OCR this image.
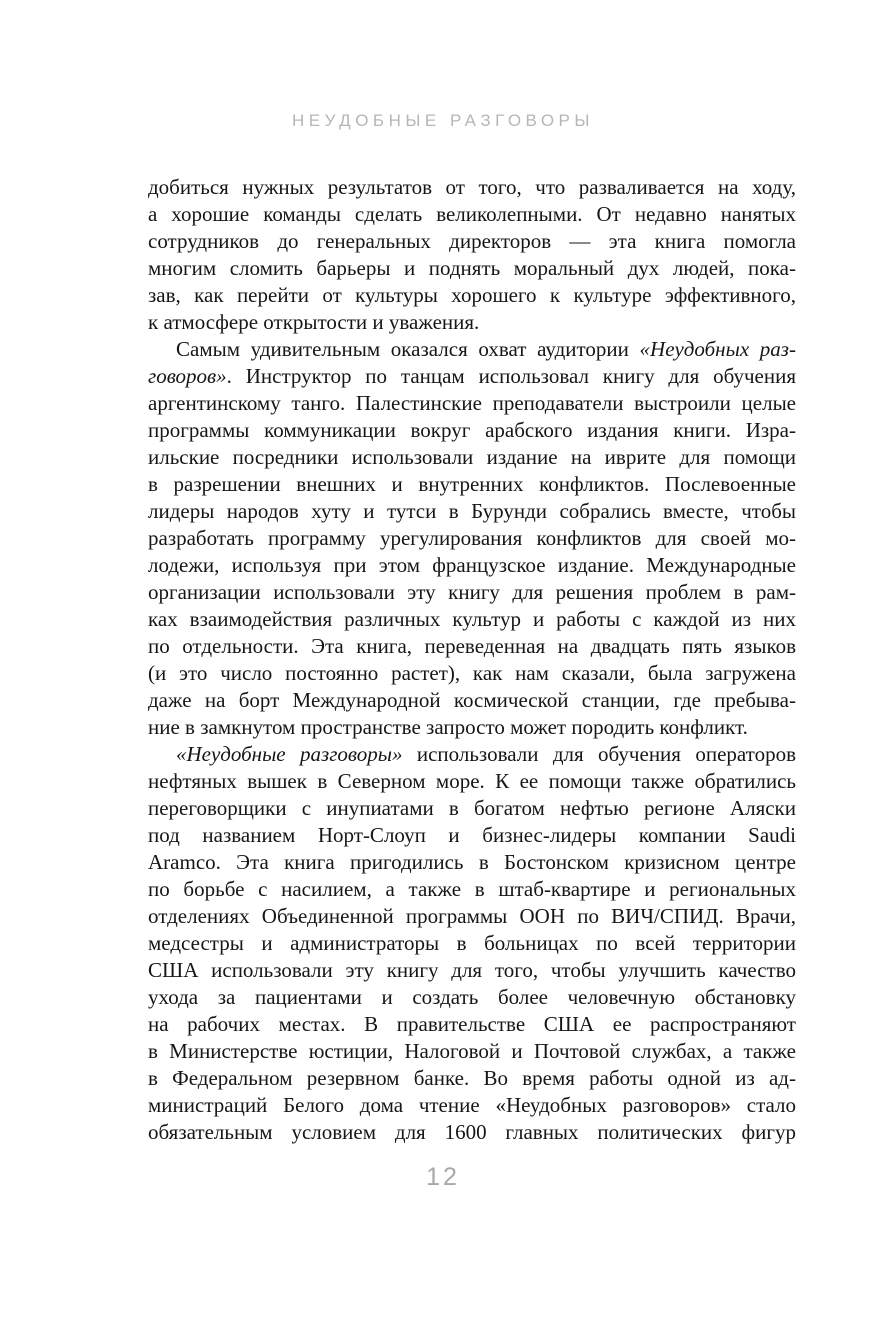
НЕУДОБНЫЕ РАЗГОВОРЫ
добиться нужных результатов от того, что разваливается на ходу,
а хорошие команды сделать великолепными. От недавно нанятых
сотрудников до генеральных директоров — эта книга помогла
многим сломить барьеры и поднять моральный дух людей, пока-
зав, как перейти от культуры хорошего к культуре эффективного,
к атмосфере открытости и уважения.
Самым удивительным оказался охват аудитории «Неудобных раз-
говоров». Инструктор по танцам использовал книгу для обучения
аргентинскому танго. Палестинские преподаватели выстроили целые
программы коммуникации вокруг арабского издания книги. Изра-
ильские посредники использовали издание на иврите для помощи
в разрешении внешних и внутренних конфликтов. Послевоенные
лидеры народов хуту и тутси в Бурунди собрались вместе, чтобы
разработать программу урегулирования конфликтов для своей мо-
лодежи, используя при этом французское издание. Международные
организации использовали эту книгу для решения проблем в рам-
ках взаимодействия различных культур и работы с каждой из них
по отдельности. Эта книга, переведенная на двадцать пять языков
(и это число постоянно растет), как нам сказали, была загружена
даже на борт Международной космической станции, где пребыва-
ние в замкнутом пространстве запросто может породить конфликт.
«Неудобные разговоры» использовали для обучения операторов
нефтяных вышек в Северном море. К ее помощи также обратились
переговорщики с инупиатами в богатом нефтью регионе Аляски
под названием Норт-Слоуп и бизнес-лидеры компании Saudi
Aramco. Эта книга пригодились в Бостонском кризисном центре
по борьбе с насилием, а также в штаб-квартире и региональных
отделениях Объединенной программы ООН по ВИЧ/СПИД. Врачи,
медсестры и администраторы в больницах по всей территории
США использовали эту книгу для того, чтобы улучшить качество
ухода за пациентами и создать более человечную обстановку
на рабочих местах. В правительстве США ее распространяют
в Министерстве юстиции, Налоговой и Почтовой службах, а также
в Федеральном резервном банке. Во время работы одной из ад-
министраций Белого дома чтение «Неудобных разговоров» стало
обязательным условием для 1600 главных политических фигур
12
